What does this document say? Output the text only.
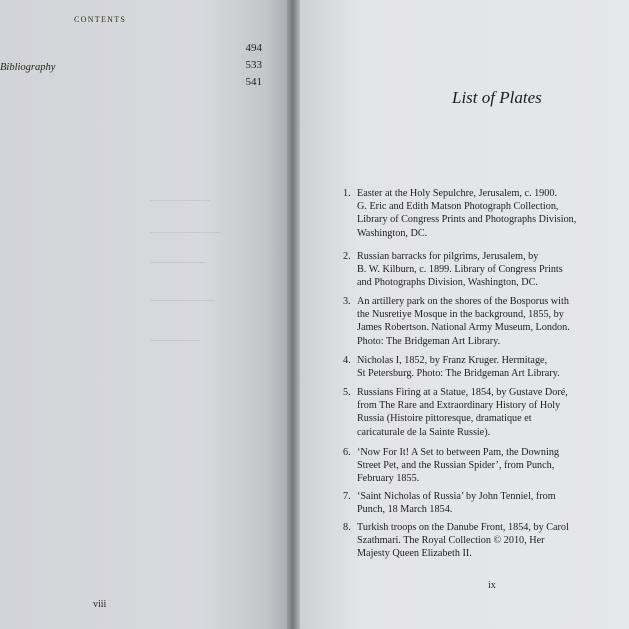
CONTENTS
494
Bibliography	533
541
viii
List of Plates
1. Easter at the Holy Sepulchre, Jerusalem, c. 1900.
G. Eric and Edith Matson Photograph Collection,
Library of Congress Prints and Photographs Division,
Washington, DC.
2. Russian barracks for pilgrims, Jerusalem, by
B. W. Kilburn, c. 1899. Library of Congress Prints
and Photographs Division, Washington, DC.
3. An artillery park on the shores of the Bosporus with
the Nusretiye Mosque in the background, 1855, by
James Robertson. National Army Museum, London.
Photo: The Bridgeman Art Library.
4. Nicholas I, 1852, by Franz Kruger. Hermitage,
St Petersburg. Photo: The Bridgeman Art Library.
5. Russians Firing at a Statue, 1854, by Gustave Doré,
from The Rare and Extraordinary History of Holy
Russia (Histoire pittoresque, dramatique et
caricaturale de la Sainte Russie).
6. ‘Now For It! A Set to between Pam, the Downing
Street Pet, and the Russian Spider’, from Punch,
February 1855.
7. ‘Saint Nicholas of Russia’ by John Tenniel, from
Punch, 18 March 1854.
8. Turkish troops on the Danube Front, 1854, by Carol
Szathmari. The Royal Collection © 2010, Her
Majesty Queen Elizabeth II.
ix
